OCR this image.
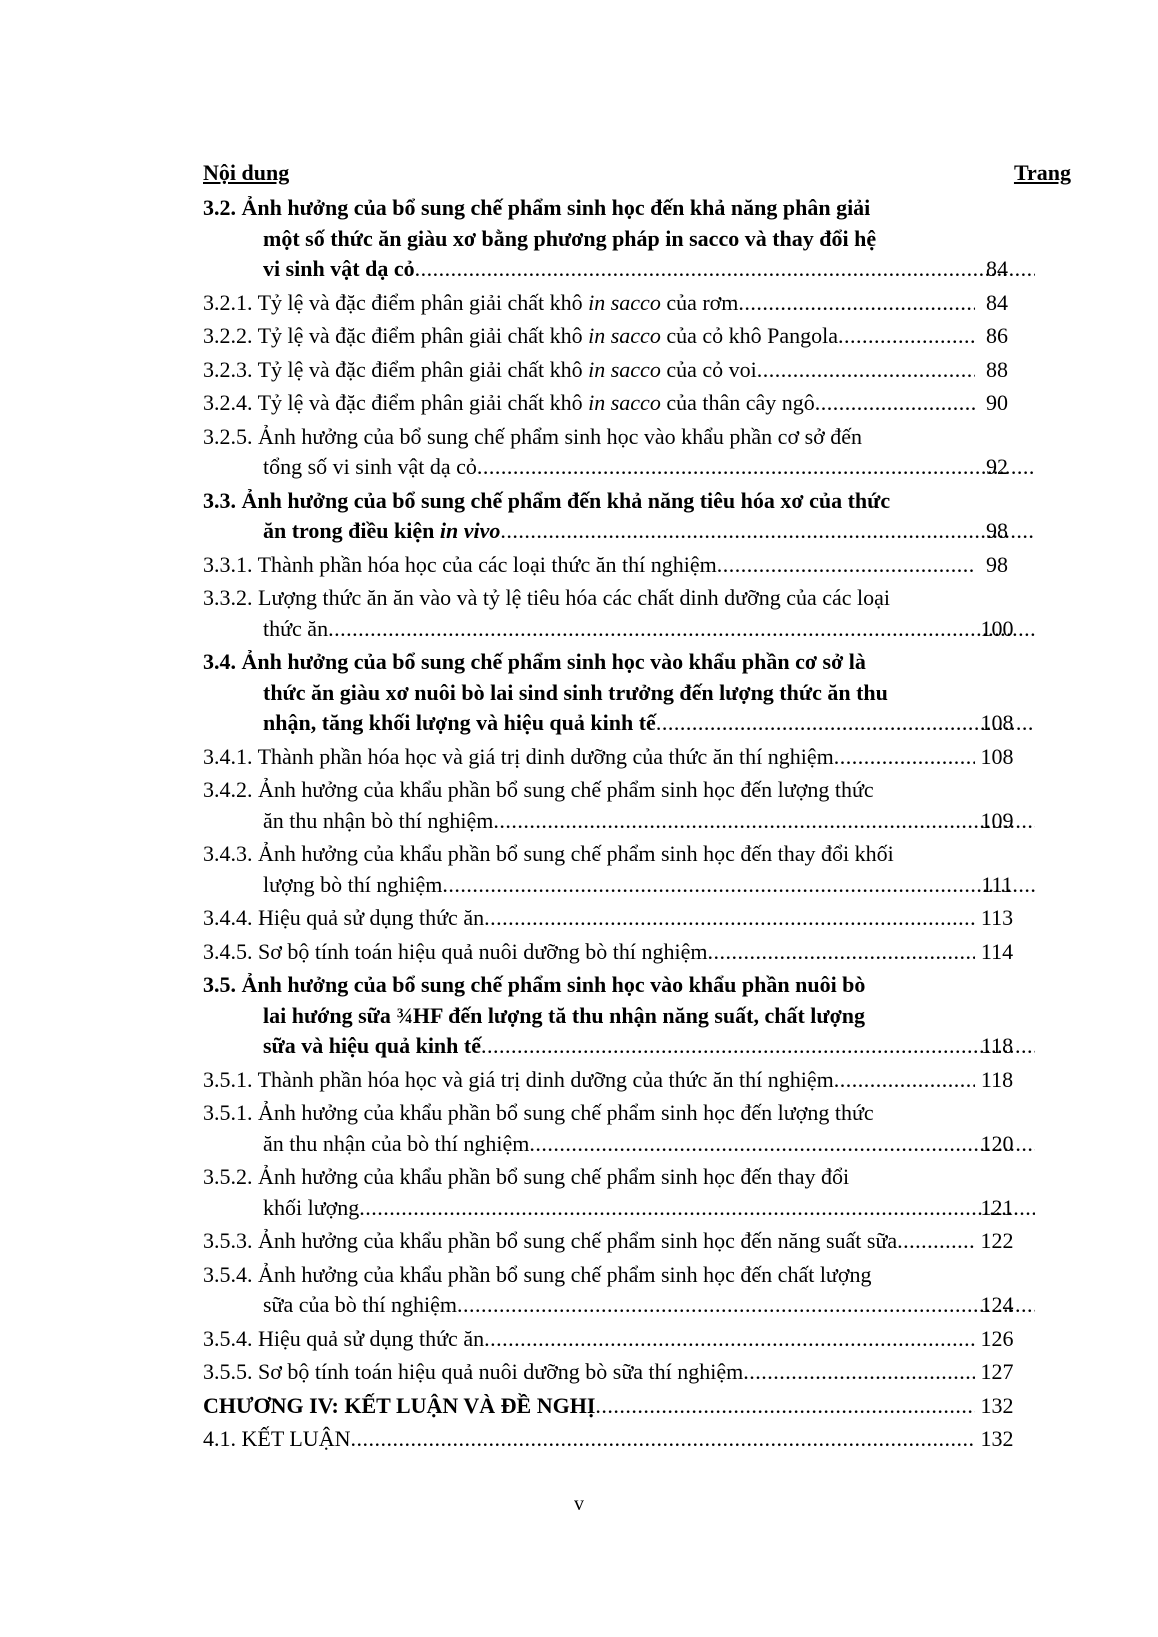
Nội dung	Trang
3.2. Ảnh hưởng của bổ sung chế phẩm sinh học đến khả năng phân giải
một số thức ăn giàu xơ bằng phương pháp in sacco và thay đổi hệ
vi sinh vật dạ cỏ .....	84
3.2.1. Tỷ lệ và đặc điểm phân giải chất khô in sacco của rơm .....	84
3.2.2. Tỷ lệ và đặc điểm phân giải chất khô in sacco của cỏ khô Pangola .....	86
3.2.3. Tỷ lệ và đặc điểm phân giải chất khô in sacco của cỏ voi .....	88
3.2.4. Tỷ lệ và đặc điểm phân giải chất khô in sacco của thân cây ngô .....	90
3.2.5. Ảnh hưởng của bổ sung chế phẩm sinh học vào khẩu phần cơ sở đến
tổng số vi sinh vật dạ cỏ .....	92
3.3. Ảnh hưởng của bổ sung chế phẩm đến khả năng tiêu hóa xơ của thức
ăn trong điều kiện in vivo .....	98
3.3.1. Thành phần hóa học của các loại thức ăn thí nghiệm .....	98
3.3.2. Lượng thức ăn ăn vào và tỷ lệ tiêu hóa các chất dinh dưỡng của các loại
thức ăn .....	100
3.4. Ảnh hưởng của bổ sung chế phẩm sinh học vào khẩu phần cơ sở là
thức ăn giàu xơ nuôi bò lai sind sinh trưởng đến lượng thức ăn thu
nhận, tăng khối lượng và hiệu quả kinh tế .....	108
3.4.1. Thành phần hóa học và giá trị dinh dưỡng của thức ăn thí nghiệm .....	108
3.4.2. Ảnh hưởng của khẩu phần bổ sung chế phẩm sinh học đến lượng thức
ăn thu nhận bò thí nghiệm .....	109
3.4.3. Ảnh hưởng của khẩu phần bổ sung chế phẩm sinh học đến thay đổi khối
lượng bò thí nghiệm .....	111
3.4.4. Hiệu quả sử dụng thức ăn .....	113
3.4.5. Sơ bộ tính toán hiệu quả nuôi dưỡng bò thí nghiệm .....	114
3.5. Ảnh hưởng của bổ sung chế phẩm sinh học vào khẩu phần nuôi bò
lai hướng sữa ¾HF đến lượng tă thu nhận năng suất, chất lượng
sữa và hiệu quả kinh tế .....	118
3.5.1. Thành phần hóa học và giá trị dinh dưỡng của thức ăn thí nghiệm .....	118
3.5.1. Ảnh hưởng của khẩu phần bổ sung chế phẩm sinh học đến lượng thức
ăn thu nhận của bò thí nghiệm .....	120
3.5.2. Ảnh hưởng của khẩu phần bổ sung chế phẩm sinh học đến thay đổi
khối lượng .....	121
3.5.3. Ảnh hưởng của khẩu phần bổ sung chế phẩm sinh học đến năng suất sữa .....	122
3.5.4. Ảnh hưởng của khẩu phần bổ sung chế phẩm sinh học đến chất lượng
sữa của bò thí nghiệm .....	124
3.5.4. Hiệu quả sử dụng thức ăn .....	126
3.5.5. Sơ bộ tính toán hiệu quả nuôi dưỡng bò sữa thí nghiệm .....	127
CHƯƠNG IV: KẾT LUẬN VÀ ĐỀ NGHỊ .....	132
4.1. KẾT LUẬN .....	132
v
